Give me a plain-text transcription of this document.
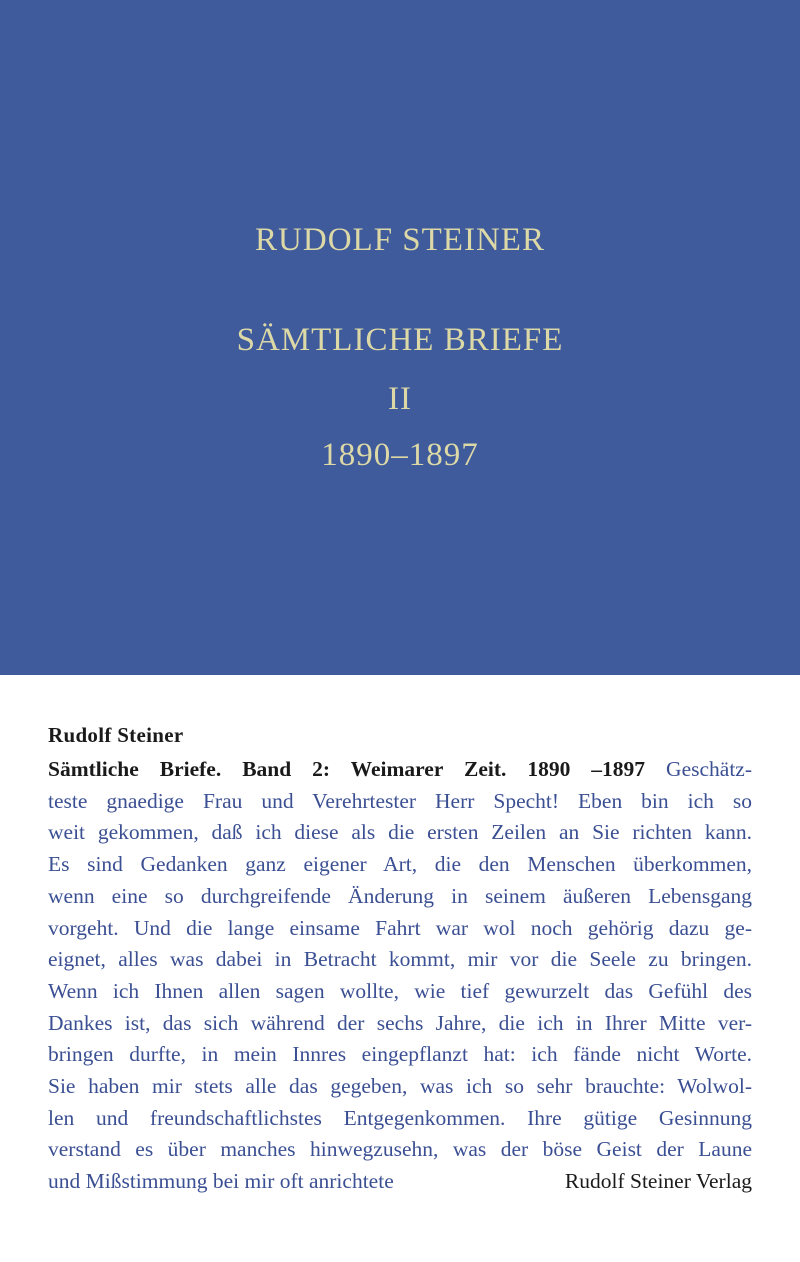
RUDOLF STEINER
SÄMTLICHE BRIEFE
II
1890–1897
Rudolf Steiner
Sämtliche Briefe. Band 2: Weimarer Zeit. 1890 –1897 Geschätz-
teste gnaedige Frau und Verehrtester Herr Specht! Eben bin ich so
weit gekommen, daß ich diese als die ersten Zeilen an Sie richten kann.
Es sind Gedanken ganz eigener Art, die den Menschen überkommen,
wenn eine so durchgreifende Änderung in seinem äußeren Lebensgang
vorgeht. Und die lange einsame Fahrt war wol noch gehörig dazu ge-
eignet, alles was dabei in Betracht kommt, mir vor die Seele zu bringen.
Wenn ich Ihnen allen sagen wollte, wie tief gewurzelt das Gefühl des
Dankes ist, das sich während der sechs Jahre, die ich in Ihrer Mitte ver-
bringen durfte, in mein Innres eingepflanzt hat: ich fände nicht Worte.
Sie haben mir stets alle das gegeben, was ich so sehr brauchte: Wolwol-
len und freundschaftlichstes Entgegenkommen. Ihre gütige Gesinnung
verstand es über manches hinwegzusehn, was der böse Geist der Laune
und Mißstimmung bei mir oft anrichtete	Rudolf Steiner Verlag
